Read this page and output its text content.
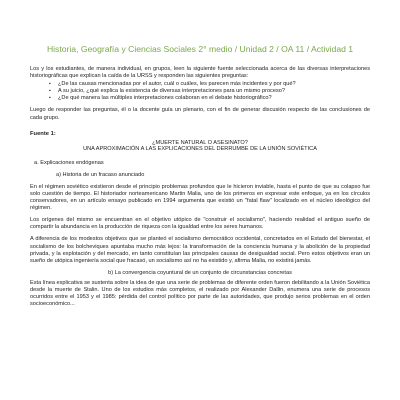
Historia, Geografía y Ciencias Sociales 2° medio / Unidad 2 / OA 11 / Actividad 1

Los y los estudiantes, de manera individual, en grupos, leen la siguiente fuente seleccionada acerca de las diversas interpretaciones historiográficas que explican la caída de la URSS y responden las siguientes preguntas:

▪ ¿De las causas mencionadas por el autor, cuál o cuáles, les parecen más incidentes y por qué?
▪ A su juicio, ¿qué explica la existencia de diversas interpretaciones para un mismo proceso?
▪ ¿De qué manera las múltiples interpretaciones colaboran en el debate historiográfico?

Luego de responder las preguntas, él o la docente guía un plenario, con el fin de generar discusión respecto de las conclusiones de cada grupo.

Fuente 1:
¿MUERTE NATURAL O ASESINATO?
UNA APROXIMACIÓN A LAS EXPLICACIONES DEL DERRUMBE DE LA UNIÓN SOVIÉTICA
a. Explicaciones endógenas
a) Historia de un fracaso anunciado

En el régimen soviético existieron desde el principio problemas profundos que le hicieron inviable, hasta el punto de que su colapso fue solo cuestión de tiempo. El historiador norteamericano Martin Malia, uno de los primeros en expresar este enfoque, ya en los círculos conservadores, en un artículo ensayo publicado en 1994 argumenta que existió un "fatal flaw" localizado en el núcleo ideológico del régimen.

Los orígenes del mismo se encuentran en el objetivo utópico de "construir el socialismo", haciendo realidad el antiguo sueño de compartir la abundancia en la producción de riqueza con la igualdad entre los seres humanos.

A diferencia de los modestos objetivos que se planteó el socialismo democrático occidental, concretados en el Estado del bienestar, el socialismo de los bolcheviques apuntaba mucho más lejos: la transformación de la conciencia humana y la abolición de la propiedad privada, y la explotación y del mercado, en tanto constituían las principales causas de desigualdad social. Pero estos objetivos eran un sueño de utópica ingeniería social que fracasó, un socialismo así no ha existido y, afirma Malia, no existirá jamás.

b) La convergencia coyuntural de un conjunto de circunstancias concretas

Esta línea explicativa se sustenta sobre la idea de que una serie de problemas de diferente orden fueron debilitando a la Unión Soviética desde la muerte de Stalin. Uno de los estudios más completos, el realizado por Alexander Dallin, enumera una serie de procesos ocurridos entre el 1953 y el 1985: pérdida del control político por parte de las autoridades, que produjo serios problemas en el orden socioeconómico...
